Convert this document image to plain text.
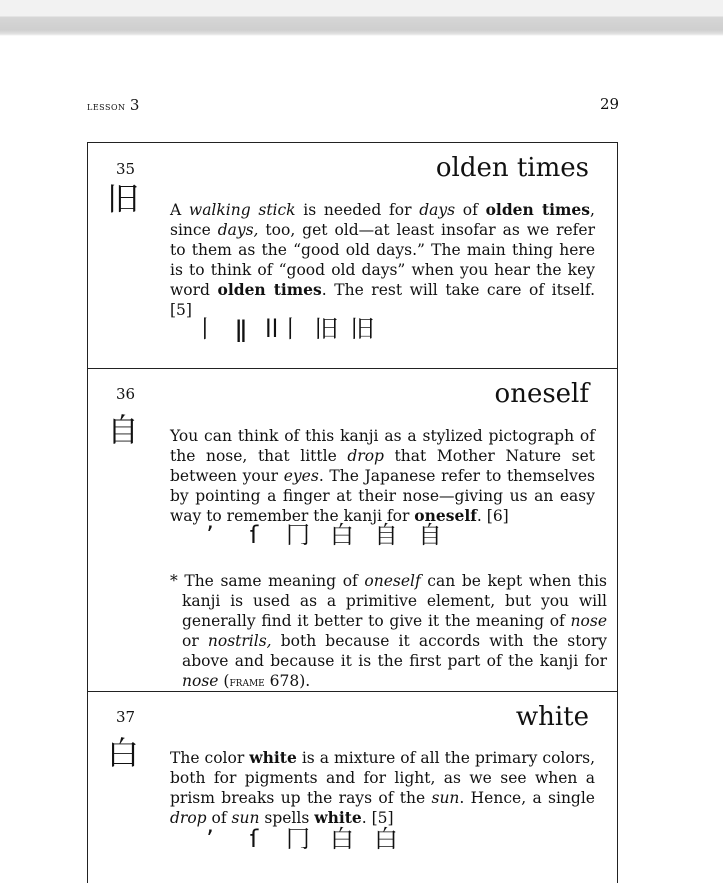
lesson 3	29
35
旧
olden times

A walking stick is needed for days of olden times, since days, too, get old—at least insofar as we refer to them as the “good old days.” The main thing here is to think of “good old days” when you hear the key word olden times. The rest will take care of itself. [5]

丨 ǁ ll丨 旧 旧
36
自
oneself

You can think of this kanji as a stylized pictograph of the nose, that little drop that Mother Nature set between your eyes. The Japanese refer to themselves by pointing a finger at their nose—giving us an easy way to remember the kanji for oneself. [6]

ʼ	ſ	冂 白 自 自

* The same meaning of oneself can be kept when this kanji is used as a primitive element, but you will generally find it better to give it the meaning of nose or nostrils, both because it accords with the story above and because it is the first part of the kanji for nose (frame 678).

37
白
white

The color white is a mixture of all the primary colors, both for pigments and for light, as we see when a prism breaks up the rays of the sun. Hence, a single drop of sun spells white. [5]

ʼ	ſ	冂 白 白
